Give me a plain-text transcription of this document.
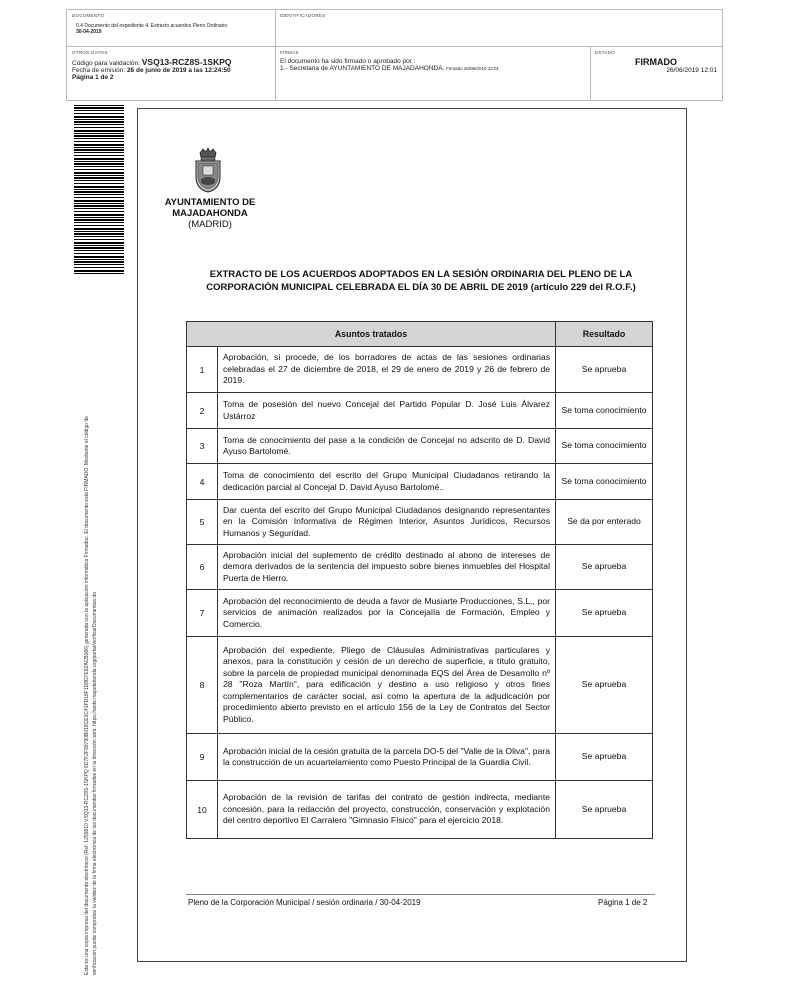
DOCUMENTO
0.4 Documento del expediente 4. Extracto acuerdos Pleno Ordinario
30-04-2019
IDENTIFICADORES
OTROS DATOS
Código para validación: VSQ13-RCZ8S-1SKPQ
Fecha de emisión: 26 de junio de 2019 a las 12:24:50
Página 1 de 2
FIRMAS
El documento ha sido firmado o aprobado por :
1.- Secretaria de AYUNTAMIENTO DE MAJADAHONDA. Firmado 26/06/2019 12:01
ESTADO
FIRMADO
26/06/2019 12:01
Esta es una copia impresa del documento electrónico (Ref: 1255810 VSQ13-RCZ8S-1SKPQ 6D7F2F99790B018CE3C41FD18F1D8D7E92ACB086) generada con la aplicación informática Firmadoc. El documento está FIRMADO. Mediante el código de verificación puede comprobar la validez de la firma electrónica de los documentos firmados en la dirección web: https://sede.majadahonda.org/portal/verificarDocumentos.do
AYUNTAMIENTO DE
MAJADAHONDA
(MADRID)
EXTRACTO DE LOS ACUERDOS ADOPTADOS EN LA SESIÓN ORDINARIA DEL PLENO DE LA
CORPORACIÓN MUNICIPAL CELEBRADA EL DÍA 30 DE ABRIL DE 2019 (artículo 229 del R.O.F.)
Asuntos tratados		Resultado
1	Aprobación, si procede, de los borradores de actas de las sesiones ordinarias celebradas el 27 de diciembre de 2018, el 29 de enero de 2019 y 26 de febrero de 2019.	Se aprueba
2	Toma de posesión del nuevo Concejal del Partido Popular D. José Luis Álvarez Ustárroz	Se toma conocimiento
3	Toma de conocimiento del pase a la condición de Concejal no adscrito de D. David Ayuso Bartolomé.	Se toma conocimiento
4	Toma de conocimiento del escrito del Grupo Municipal Ciudadanos retirando la dedicación parcial al Concejal D. David Ayuso Bartolomé..	Se toma conocimiento
5	Dar cuenta del escrito del Grupo Municipal Ciudadanos designando representantes en la Comisión Informativa de Régimen Interior, Asuntos Jurídicos, Recursos Humanos y Seguridad.	Se da por enterado
6	Aprobación inicial del suplemento de crédito destinado al abono de intereses de demora derivados de la sentencia del impuesto sobre bienes inmuebles del Hospital Puerta de Hierro.	Se aprueba
7	Aprobación del reconocimiento de deuda a favor de Musiarte Producciones, S.L., por servicios de animación realizados por la Concejalía de Formación, Empleo y Comercio.	Se aprueba
8	Aprobación del expediente, Pliego de Cláusulas Administrativas particulares y anexos, para la constitución y cesión de un derecho de superficie, a título gratuito, sobre la parcela de propiedad municipal denominada EQS del Área de Desarrollo nº 28 "Roza Martín", para edificación y destino a uso religioso y otros fines complementarios de carácter social, así como la apertura de la adjudicación por procedimiento abierto previsto en el artículo 156 de la Ley de Contratos del Sector Público.	Se aprueba
9	Aprobación inicial de la cesión gratuita de la parcela DO-5 del "Valle de la Oliva", para la construcción de un acuartelamiento como Puesto Principal de la Guardia Civil.	Se aprueba
10	Aprobación de la revisión de tarifas del contrato de gestión indirecta, mediante concesión, para la redacción del proyecto, construcción, conservación y explotación del centro deportivo El Carralero "Gimnasio Físico" para el ejercicio 2018.	Se aprueba
Pleno de la Corporación Municipal / sesión ordinaria / 30-04-2019	Página 1 de 2
